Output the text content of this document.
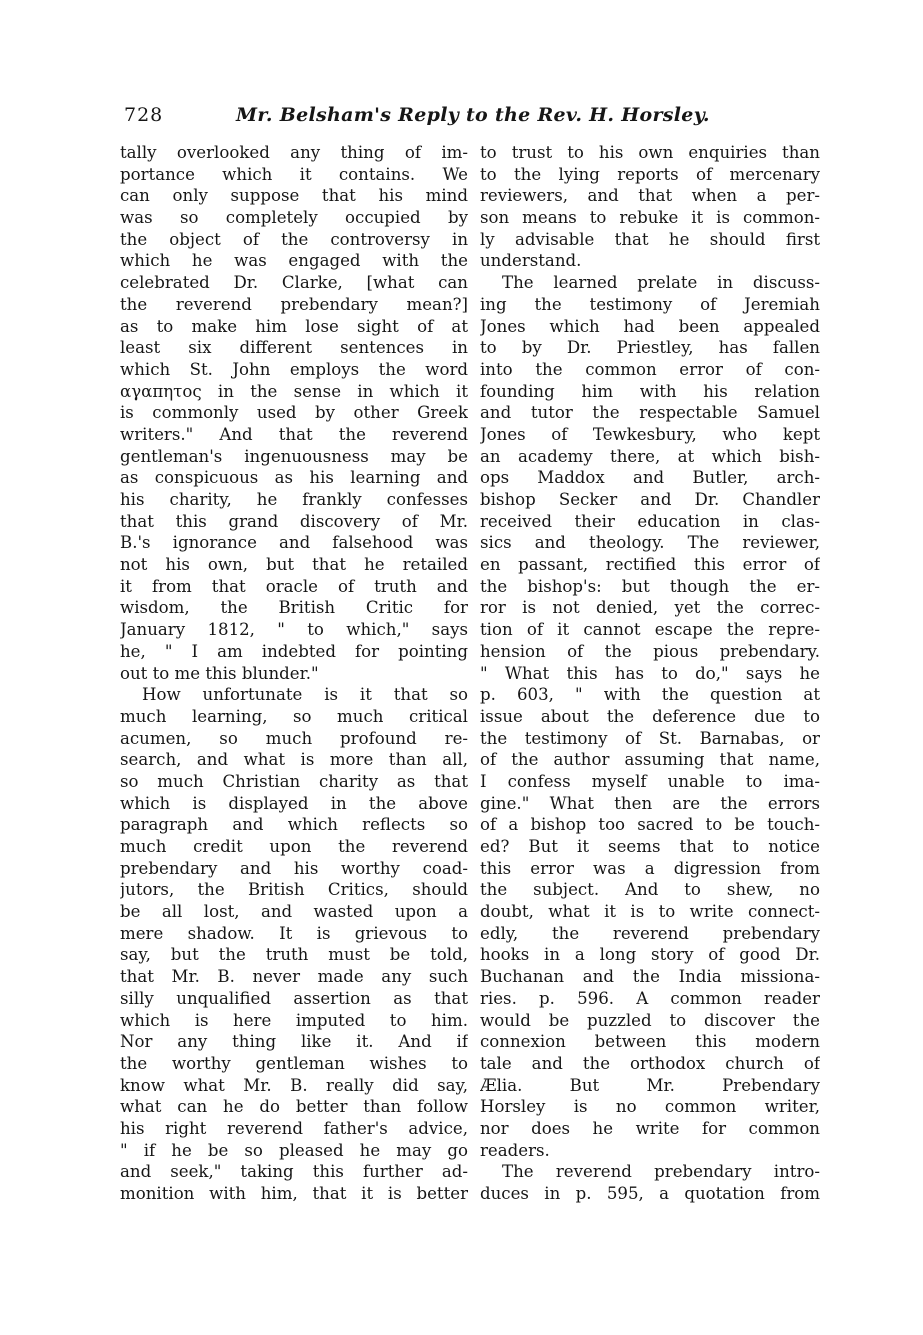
728	Mr. Belsham's Reply to the Rev. H. Horsley.
tally overlooked any thing of im-
portance which it contains. We
can only suppose that his mind
was so completely occupied by
the object of the controversy in
which he was engaged with the
celebrated Dr. Clarke, [what can
the reverend prebendary mean?]
as to make him lose sight of at
least six different sentences in
which St. John employs the word
αγαπητος in the sense in which it
is commonly used by other Greek
writers." And that the reverend
gentleman's ingenuousness may be
as conspicuous as his learning and
his charity, he frankly confesses
that this grand discovery of Mr.
B.'s ignorance and falsehood was
not his own, but that he retailed
it from that oracle of truth and
wisdom, the British Critic for
January 1812, " to which," says
he, " I am indebted for pointing
out to me this blunder."
How unfortunate is it that so
much learning, so much critical
acumen, so much profound re-
search, and what is more than all,
so much Christian charity as that
which is displayed in the above
paragraph and which reflects so
much credit upon the reverend
prebendary and his worthy coad-
jutors, the British Critics, should
be all lost, and wasted upon a
mere shadow. It is grievous to
say, but the truth must be told,
that Mr. B. never made any such
silly unqualified assertion as that
which is here imputed to him.
Nor any thing like it. And if
the worthy gentleman wishes to
know what Mr. B. really did say,
what can he do better than follow
his right reverend father's advice,
" if he be so pleased he may go
and seek," taking this further ad-
monition with him, that it is better
to trust to his own enquiries than
to the lying reports of mercenary
reviewers, and that when a per-
son means to rebuke it is common-
ly advisable that he should first
understand.
The learned prelate in discuss-
ing the testimony of Jeremiah
Jones which had been appealed
to by Dr. Priestley, has fallen
into the common error of con-
founding him with his relation
and tutor the respectable Samuel
Jones of Tewkesbury, who kept
an academy there, at which bish-
ops Maddox and Butler, arch-
bishop Secker and Dr. Chandler
received their education in clas-
sics and theology. The reviewer,
en passant, rectified this error of
the bishop's: but though the er-
ror is not denied, yet the correc-
tion of it cannot escape the repre-
hension of the pious prebendary.
" What this has to do," says he
p. 603, " with the question at
issue about the deference due to
the testimony of St. Barnabas, or
of the author assuming that name,
I confess myself unable to ima-
gine." What then are the errors
of a bishop too sacred to be touch-
ed? But it seems that to notice
this error was a digression from
the subject. And to shew, no
doubt, what it is to write connect-
edly, the reverend prebendary
hooks in a long story of good Dr.
Buchanan and the India missiona-
ries. p. 596. A common reader
would be puzzled to discover the
connexion between this modern
tale and the orthodox church of
Ælia. But Mr. Prebendary
Horsley is no common writer,
nor does he write for common
readers.
The reverend prebendary intro-
duces in p. 595, a quotation from
